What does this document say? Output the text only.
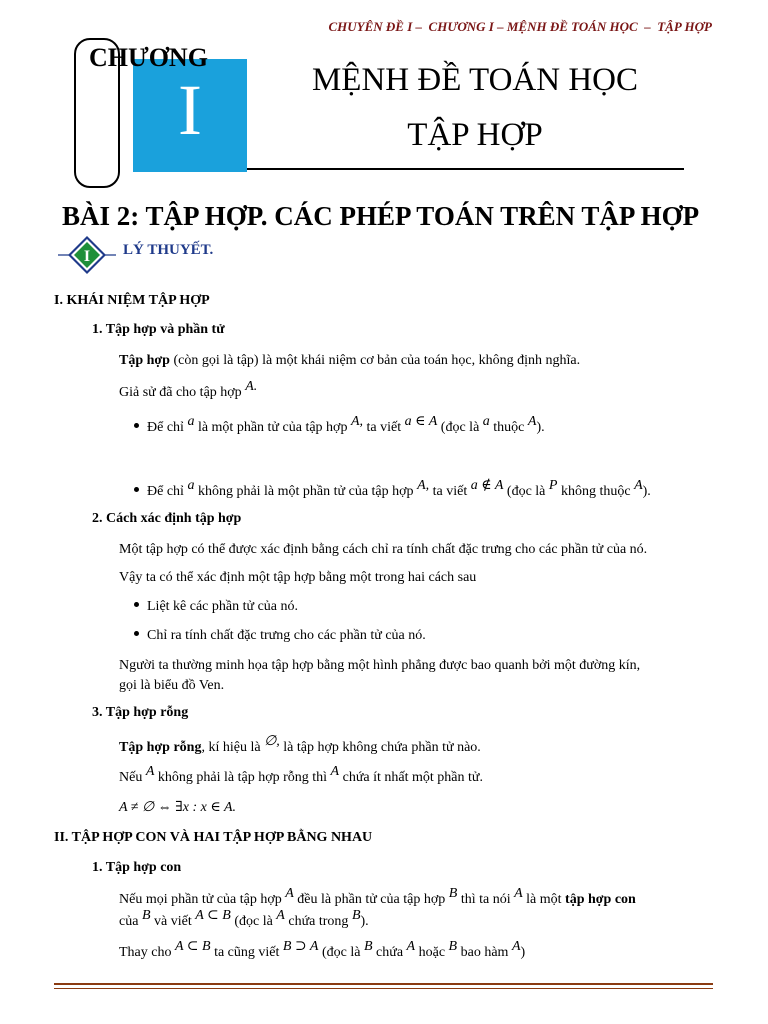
CHUYÊN ĐỀ I –  CHƯƠNG I – MỆNH ĐỀ TOÁN HỌC  –  TẬP HỢP
I
CHƯƠNG
MỆNH ĐỀ TOÁN HỌC
TẬP HỢP
BÀI 2: TẬP HỢP. CÁC PHÉP TOÁN TRÊN TẬP HỢP
I LÝ THUYẾT.
I. KHÁI NIỆM TẬP HỢP
1. Tập hợp và phần tử
Tập hợp (còn gọi là tập) là một khái niệm cơ bản của toán học, không định nghĩa.
Giả sử đã cho tập hợp A.
Để chỉ a là một phần tử của tập hợp A, ta viết a ∈ A (đọc là a thuộc A).
Để chỉ a không phải là một phần tử của tập hợp A, ta viết a ∉ A (đọc là P không thuộc A).
2. Cách xác định tập hợp
Một tập hợp có thể được xác định bằng cách chỉ ra tính chất đặc trưng cho các phần tử của nó.
Vậy ta có thể xác định một tập hợp bằng một trong hai cách sau
Liệt kê các phần tử của nó.
Chỉ ra tính chất đặc trưng cho các phần tử của nó.
Người ta thường minh họa tập hợp bằng một hình phẳng được bao quanh bởi một đường kín,
gọi là biểu đồ Ven.
3. Tập hợp rỗng
Tập hợp rỗng, kí hiệu là ∅, là tập hợp không chứa phần tử nào.
Nếu A không phải là tập hợp rỗng thì A chứa ít nhất một phần tử.
A ≠ ∅ ⇔ ∃x : x ∈ A.
II. TẬP HỢP CON VÀ HAI TẬP HỢP BẰNG NHAU
1. Tập hợp con
Nếu mọi phần tử của tập hợp A đều là phần tử của tập hợp B thì ta nói A là một tập hợp con
của B và viết A ⊂ B (đọc là A chứa trong B).
Thay cho A ⊂ B ta cũng viết B ⊃ A (đọc là B chứa A hoặc B bao hàm A)
